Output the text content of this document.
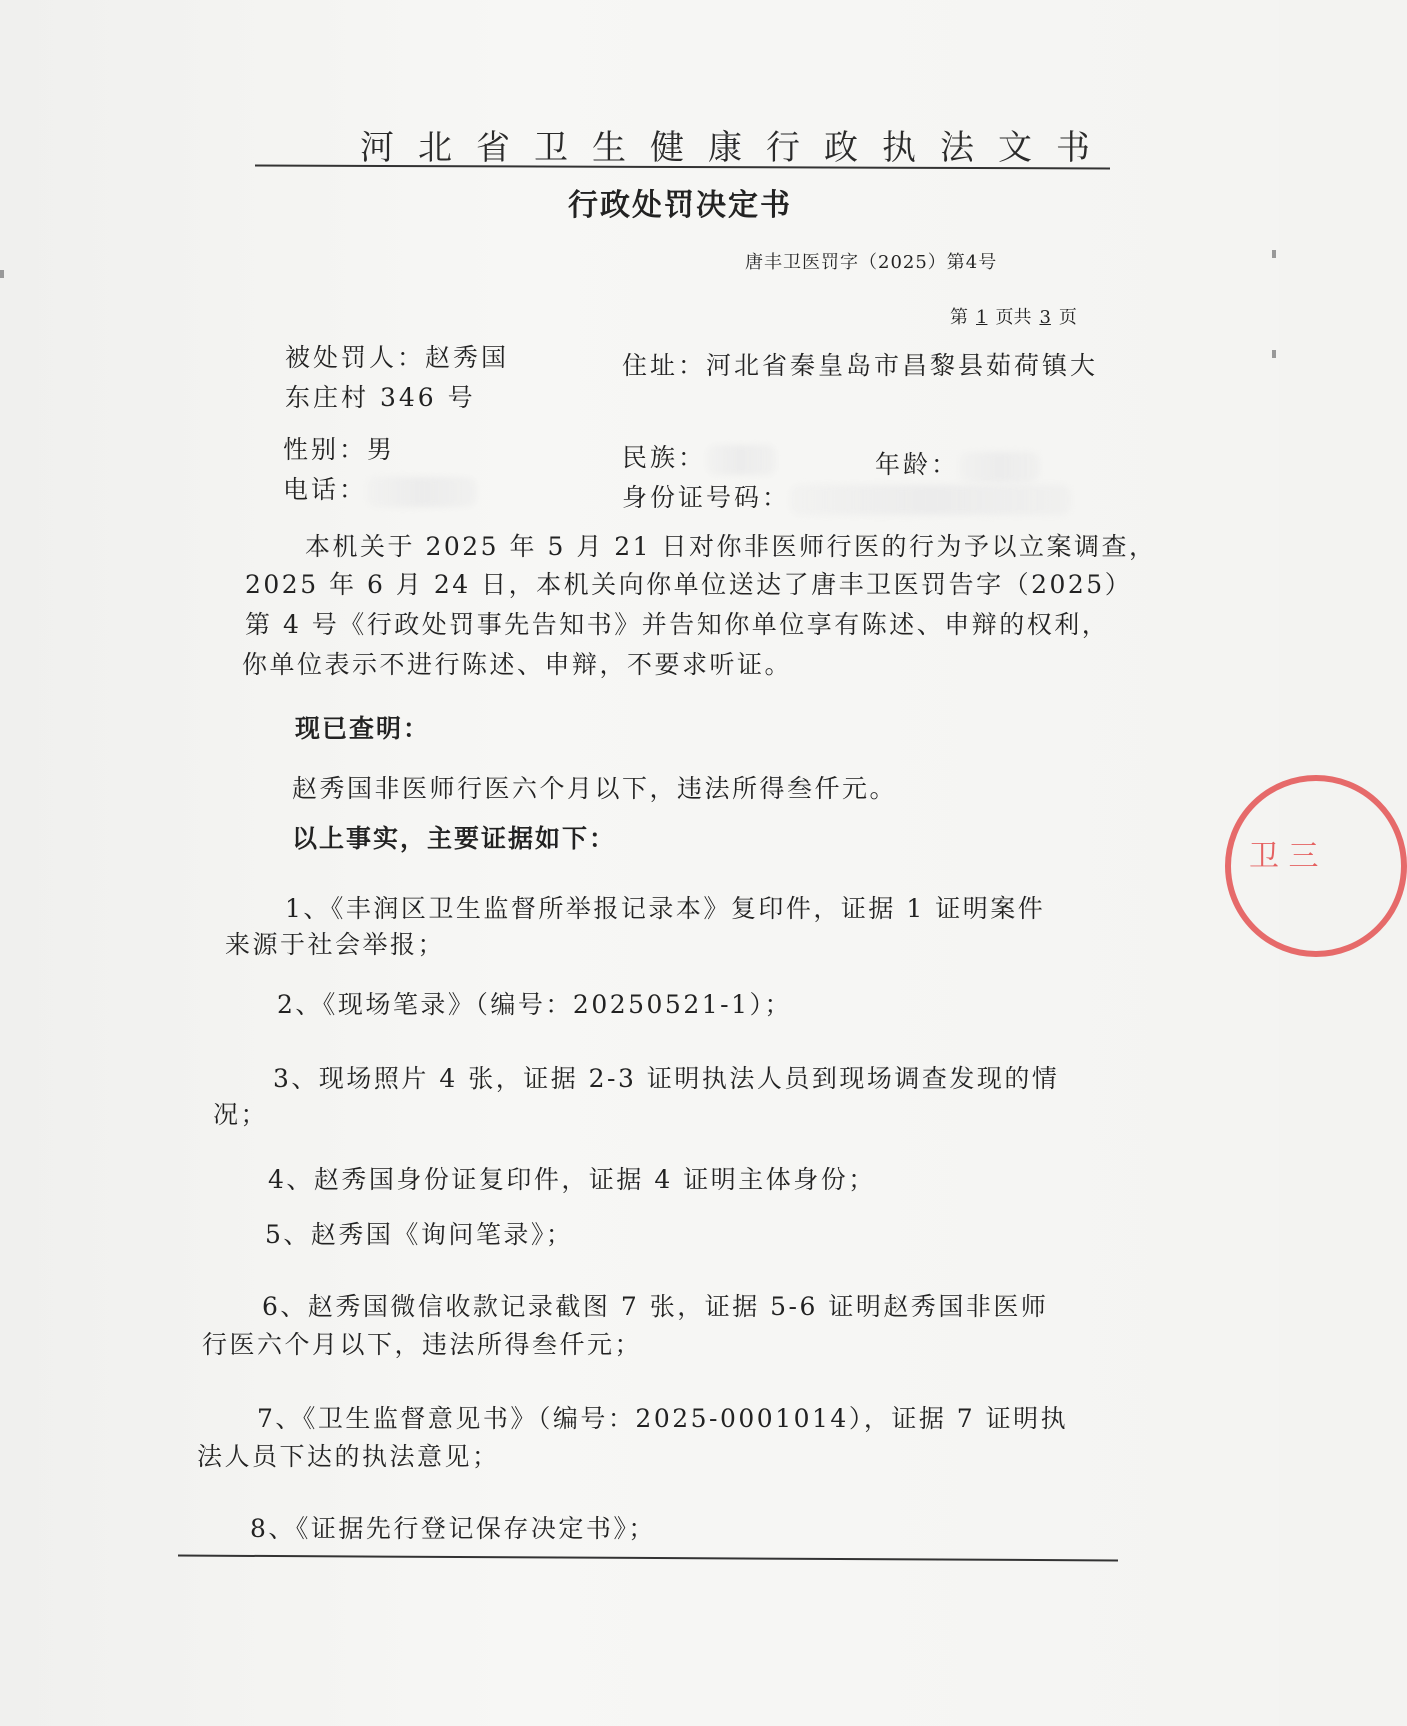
河北省卫生健康行政执法文书
行政处罚决定书
唐丰卫医罚字（2025）第4号
第 1 页共 3 页
被处罚人：赵秀国	住址：河北省秦皇岛市昌黎县茹荷镇大
东庄村 346 号
性别：男	民族：	年龄：
电话：	身份证号码：
本机关于 2025 年 5 月 21 日对你非医师行医的行为予以立案调查，
2025 年 6 月 24 日，本机关向你单位送达了唐丰卫医罚告字（2025）
第 4 号《行政处罚事先告知书》并告知你单位享有陈述、申辩的权利，
你单位表示不进行陈述、申辩，不要求听证。
现已查明：
赵秀国非医师行医六个月以下，违法所得叁仟元。
以上事实，主要证据如下：
1、《丰润区卫生监督所举报记录本》复印件，证据 1 证明案件
来源于社会举报；
2、《现场笔录》（编号：20250521-1）；
3、现场照片 4 张，证据 2-3 证明执法人员到现场调查发现的情
况；
4、赵秀国身份证复印件，证据 4 证明主体身份；
5、赵秀国《询问笔录》；
6、赵秀国微信收款记录截图 7 张，证据 5-6 证明赵秀国非医师
行医六个月以下，违法所得叁仟元；
7、《卫生监督意见书》（编号：2025-0001014），证据 7 证明执
法人员下达的执法意见；
8、《证据先行登记保存决定书》；
卫 三
